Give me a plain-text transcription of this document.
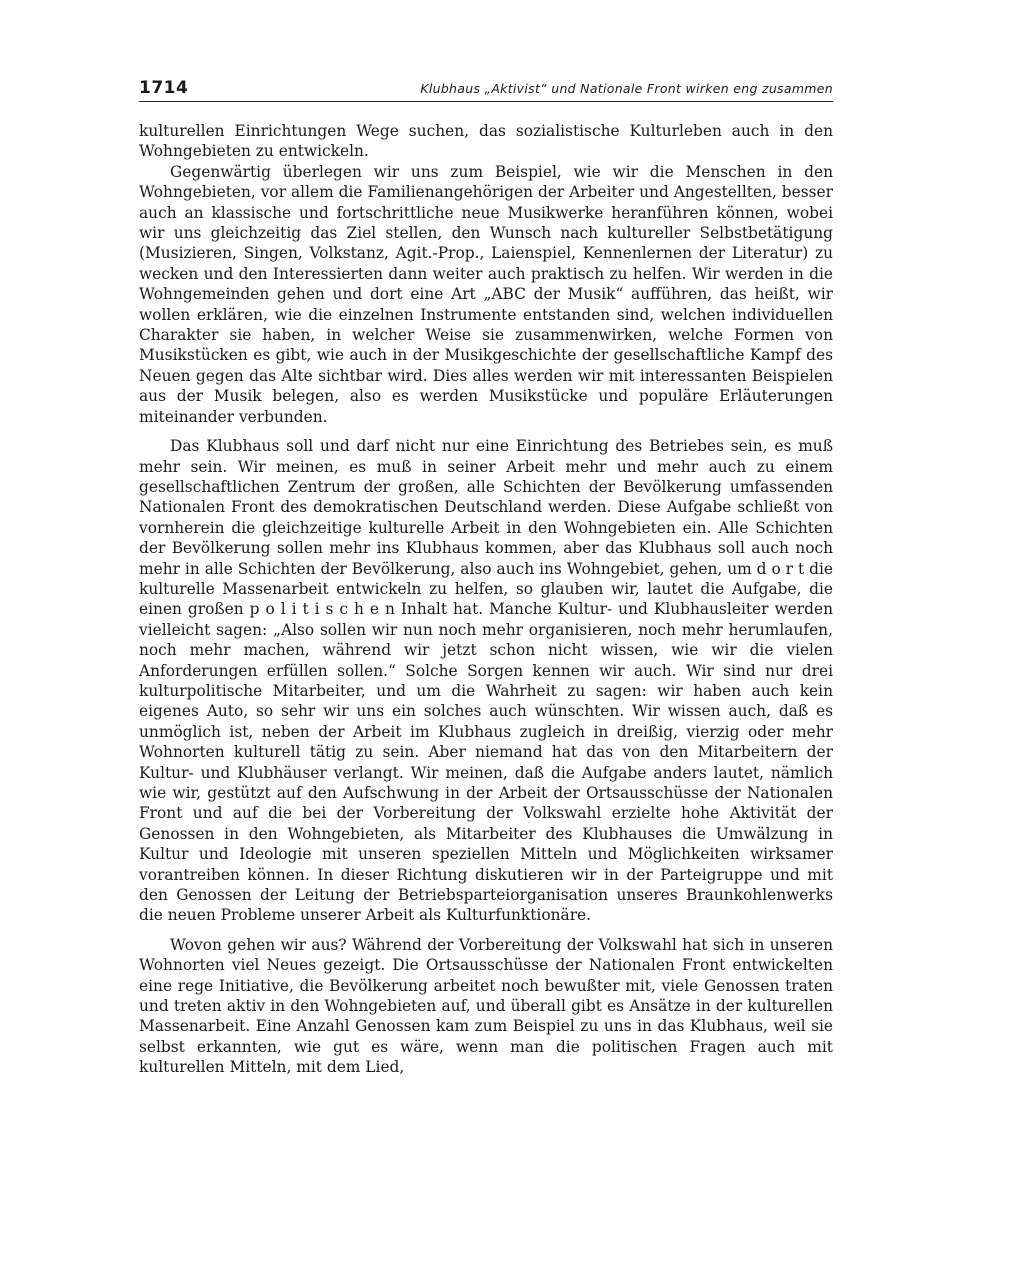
1714	Klubhaus „Aktivist“ und Nationale Front wirken eng zusammen

kulturellen Einrichtungen Wege suchen, das sozialistische Kulturleben auch in den Wohngebieten zu entwickeln.

Gegenwärtig überlegen wir uns zum Beispiel, wie wir die Menschen in den Wohngebieten, vor allem die Familienangehörigen der Arbeiter und Angestellten, besser auch an klassische und fortschrittliche neue Musikwerke heranführen können, wobei wir uns gleichzeitig das Ziel stellen, den Wunsch nach kultureller Selbstbetätigung (Musizieren, Singen, Volkstanz, Agit.-Prop., Laienspiel, Kennenlernen der Literatur) zu wecken und den Interessierten dann weiter auch praktisch zu helfen. Wir werden in die Wohngemeinden gehen und dort eine Art „ABC der Musik“ aufführen, das heißt, wir wollen erklären, wie die einzelnen Instrumente entstanden sind, welchen individuellen Charakter sie haben, in welcher Weise sie zusammenwirken, welche Formen von Musikstücken es gibt, wie auch in der Musikgeschichte der gesellschaftliche Kampf des Neuen gegen das Alte sichtbar wird. Dies alles werden wir mit interessanten Beispielen aus der Musik belegen, also es werden Musikstücke und populäre Erläuterungen miteinander verbunden.

Das Klubhaus soll und darf nicht nur eine Einrichtung des Betriebes sein, es muß mehr sein. Wir meinen, es muß in seiner Arbeit mehr und mehr auch zu einem gesellschaftlichen Zentrum der großen, alle Schichten der Bevölkerung umfassenden Nationalen Front des demokratischen Deutschland werden. Diese Aufgabe schließt von vornherein die gleichzeitige kulturelle Arbeit in den Wohngebieten ein. Alle Schichten der Bevölkerung sollen mehr ins Klubhaus kommen, aber das Klubhaus soll auch noch mehr in alle Schichten der Bevölkerung, also auch ins Wohngebiet, gehen, um d o r t die kulturelle Massenarbeit entwickeln zu helfen, so glauben wir, lautet die Aufgabe, die einen großen p o l i t i s c h e n Inhalt hat. Manche Kultur- und Klubhausleiter werden vielleicht sagen: „Also sollen wir nun noch mehr organisieren, noch mehr herumlaufen, noch mehr machen, während wir jetzt schon nicht wissen, wie wir die vielen Anforderungen erfüllen sollen.“ Solche Sorgen kennen wir auch. Wir sind nur drei kulturpolitische Mitarbeiter, und um die Wahrheit zu sagen: wir haben auch kein eigenes Auto, so sehr wir uns ein solches auch wünschten. Wir wissen auch, daß es unmöglich ist, neben der Arbeit im Klubhaus zugleich in dreißig, vierzig oder mehr Wohnorten kulturell tätig zu sein. Aber niemand hat das von den Mitarbeitern der Kultur- und Klubhäuser verlangt. Wir meinen, daß die Aufgabe anders lautet, nämlich wie wir, gestützt auf den Aufschwung in der Arbeit der Ortsausschüsse der Nationalen Front und auf die bei der Vorbereitung der Volkswahl erzielte hohe Aktivität der Genossen in den Wohngebieten, als Mitarbeiter des Klubhauses die Umwälzung in Kultur und Ideologie mit unseren speziellen Mitteln und Möglichkeiten wirksamer vorantreiben können. In dieser Richtung diskutieren wir in der Parteigruppe und mit den Genossen der Leitung der Betriebsparteiorganisation unseres Braunkohlenwerks die neuen Probleme unserer Arbeit als Kulturfunktionäre.

Wovon gehen wir aus? Während der Vorbereitung der Volkswahl hat sich in unseren Wohnorten viel Neues gezeigt. Die Ortsausschüsse der Nationalen Front entwickelten eine rege Initiative, die Bevölkerung arbeitet noch bewußter mit, viele Genossen traten und treten aktiv in den Wohngebieten auf, und überall gibt es Ansätze in der kulturellen Massenarbeit. Eine Anzahl Genossen kam zum Beispiel zu uns in das Klubhaus, weil sie selbst erkannten, wie gut es wäre, wenn man die politischen Fragen auch mit kulturellen Mitteln, mit dem Lied,
